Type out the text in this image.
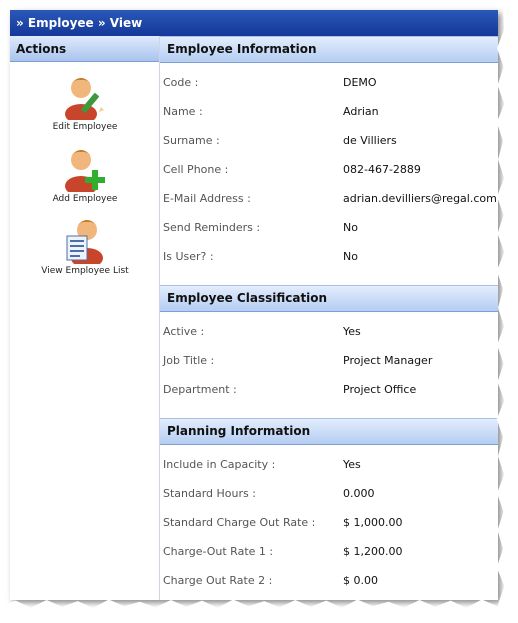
» Employee » View
Actions
Edit Employee
Add Employee
View Employee List
Employee Information
Code :	DEMO
Name :	Adrian
Surname :	de Villiers
Cell Phone :	082-467-2889
E-Mail Address :	adrian.devilliers@regal.com
Send Reminders :	No
Is User? :	No
Employee Classification
Active :	Yes
Job Title :	Project Manager
Department :	Project Office
Planning Information
Include in Capacity :	Yes
Standard Hours :	0.000
Standard Charge Out Rate :	$ 1,000.00
Charge-Out Rate 1 :	$ 1,200.00
Charge Out Rate 2 :	$ 0.00
